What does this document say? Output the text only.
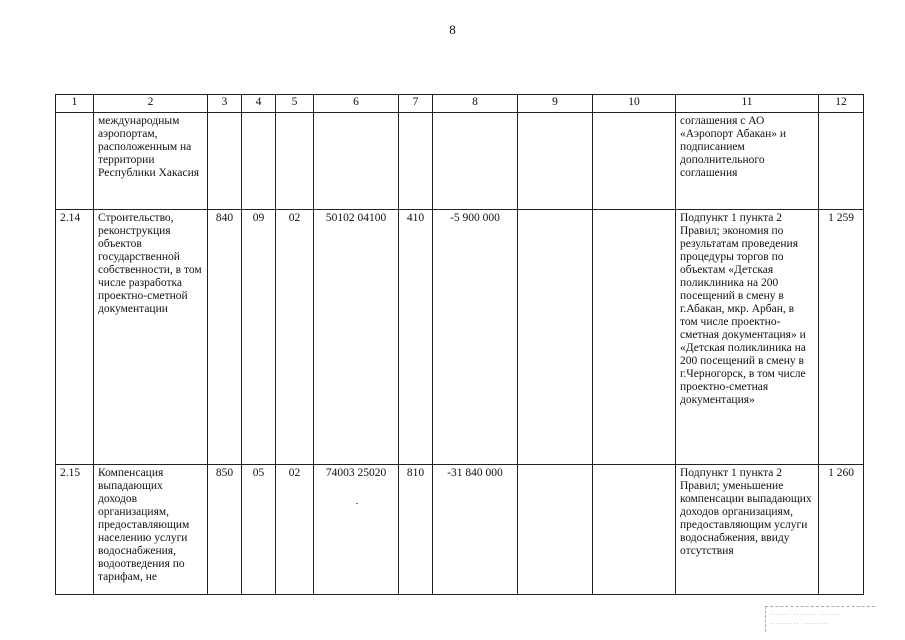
8
1	2	3	4	5	6	7	8	9	10	11	12
	международным аэропортам, расположенным на территории Республики Хакасия									соглашения с АО «Аэропорт Абакан» и подписанием дополнительного соглашения	
2.14	Строительство, реконструкция объектов государственной собственности, в том числе разработка проектно-сметной документации	840	09	02	50102 04100	410	-5 900 000			Подпункт 1 пункта 2 Правил; экономия по результатам проведения процедуры торгов по объектам «Детская поликлиника на 200 посещений в смену в г.Абакан, мкр. Арбан, в том числе проектно-сметная документация» и «Детская поликлиника на 200 посещений в смену в г.Черногорск, в том числе проектно-сметная документация»	1 259
2.15	Компенсация выпадающих доходов организациям, предоставляющим населению услуги водоснабжения, водоотведения по тарифам, не	850	05	02	74003 25020	810	-31 840 000			Подпункт 1 пункта 2 Правил; уменьшение компенсации выпадающих доходов организациям, предоставляющим услуги водоснабжения, ввиду отсутствия	1 260
....... ........ ....... .......... .........
